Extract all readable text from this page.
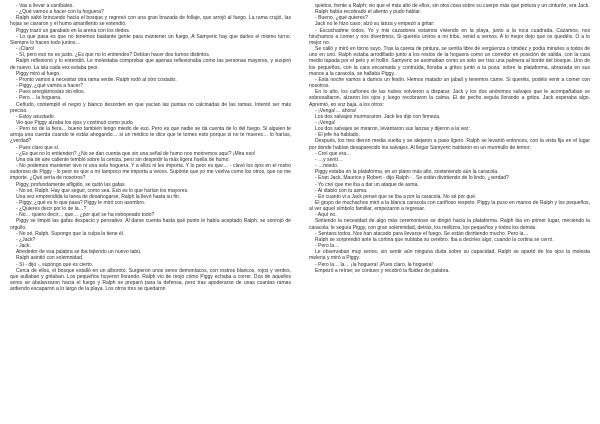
- Vas a llevar a caníbales.

- ¿Qué vamos a hacer con la hoguera?

Ralph saltó brincando hacia el bosque y regresó con una gran brazada de follaje, que arrojó al fuego. La rama crujió, las hojas se ciararon y el humo amarillento se extendió.

Piggy trazó un garabato en la arena con los dedos.

- Lo que pasa es que no tenemos bastante gente para mantener un fuego. A Samyeric hay que darles el mismo turno. Siempre lo hacen todo juntos…

- ¡Claro!

- Sí, pero eso no es justo. ¿Es que no lo entiendes? Debían hacer dos turnos distintos.

Ralph reflexionó y lo entendió. Le molestaba comprobar que apenas reflexionaba como las personas mayores, y suspiró de nuevo. La isla cada vez estaba peor.

Piggy miró al fuego.

- Pronto vamos a necesitar otra rama verde. Ralph rodó al otro costado.

- Piggy, ¿qué vamos a hacer?

- Pues arreglárnoslas sin ellos.

- Pero… la hoguera.

Ceñudo, contempló el negro y blanco desorden en que yacían las puntas no calcinadas de las ramas. Intentó ser más preciso.

- Estoy asustado.

Vio que Piggy alzaba los ojos y continuó como pudo.

- Pero no de la fiera… bueno también tengo miedo de eso. Pero es que nadie se da cuenta de lo del fuego. Si alguien te arroja una cuerda cuando te estás ahogando… si un médico te dice que te tomes esto porque si no te mueres… lo harías, ¿verdad?

- Pues claro que sí.

- ¿Es que no lo entienden? ¿No se dan cuenta que sin una señal de humo nos moriremos aquí? ¡Mira eso!

Una ola de aire caliente tembló sobre la ceniza, pero sin despedir la más ligera huella de humo.

- No podemos mantener vivo ni una sola hoguera. Y a ellos ni les importa. Y lo peor es que… - clavó los ojos en el rostro sudoroso de Piggy - lo peor es que a mí tampoco me importa a veces. Supónte que yo me vuelva como los otros, que no me importe. ¿Qué sería de nosotros?

Piggy, profundamente afligido, se quitó las gafas.

- No sé, Ralph. Hay que seguir, como sea. Eso es lo que harían los mayores.

Una vez emprendida la tarea de desahogarse, Ralph la llevó hasta su fin.

- Piggy, ¿qué es lo que pasa? Piggy le miró con asombro.

- ¿Quieres decir por lo de la…?

- No… quiero decir… que… ¿por qué se ha estropeado todo?

Piggy se limpió las gafas despacio y pensativo. Al darse cuenta hasta qué punto le había aceptado Ralph, se sonrojó de orgullo.

- No sé, Ralph. Supongo que la culpa la tiene él.

- ¿Jack?

- Jack.

Alrededor de esa palabra se iba tejiendo un nuevo tabú.

Ralph asintió con solemnidad.

- Sí - dijo -, supongo que es cierto.

Cerca de ellos, el bosque estalló en un alboroto. Surgieron unos seres demoníacos, con rostros blancos, rojos y verdes, que aullaban y gritaban. Los pequeños huyeron llorando. Ralph vio de reojo cómo Piggy echaba a correr. Dos de aquellos seres se abalanzaron hacia el fuego y Ralph se preparó para la defensa, pero tras apoderarse de unas cuantas ramas ardiendo escaparon a lo largo de la playa. Los otros tres se quedaron

quietos, frente a Ralph; vio que el más alto de ellos, sin otra cosa sobre su cuerpo más que pintura y un cinturón, era Jack.

Ralph había recobrado el aliento y pudo hablar.

- Bueno, ¿qué quieres?

Jack no le hizo caso; alzó su lanza y empezó a gritar:

- Escuchadme todos. Yo y mis cazadores estamos viviendo en la playa, junto a la roca cuadrada. Cazamos, nos hinchamos a comer y nos divertimos. Si queréis uniros a mi tribu, venid a vernos. A lo mejor dejo que os quedéis. O a lo mejor no.

Se calló y miró en torno suyo. Tras la careta de pintura, se sentía libre de vergüenza o timidez y podía mirarles a todos de uno en uno. Ralph estaba arrodillado junto a los restos de la hoguera como un corredor en posición de salida, con la cara medio tapada por el pelo y el hollín. Samyeric se asomaban como un solo ser tras una palmera al borde del bosque. Uno de los pequeños, con la cara encarnada y contraída, lloraba a gritos junto a la poza; sobre la plataforma, abrazada en sus manos a la caracola, se hallaba Piggy.

- Esta noche vamos a darnos un festín. Hemos matado un jabalí y tenemos carne. Si queréis, podéis venir a comer con nosotros.

En lo alto, los cañones de las nubes volvieron a disparar. Jack y los dos anónimos salvajes que le acompañaban se sobresaltaron, alzaron los ojos y luego recobraron la calma. El de pecho seguía llorando a gritos. Jack esperaba algo. Apremió, en voz baja, a los otros:

- ¡Venga!… ahora!

Los dos salvajes murmuraron. Jack les dijo con firmeza.

- ¡Venga!

Los dos salvajes se miraron, levantaron sus lanzas y dijeron a la vez:

- El jefe ha hablado.

Después, los tres dieron media vuelta y se alejaron a paso ligero. Ralph se levantó entonces, con la vista fija en el lugar por donde habían desaparecido los salvajes. Al llegar Samyeric hablaron en un murmullo de temor:

- Creí que era…

- …y sentí…

- …miedo.

Piggy estaba en la plataforma, en un plano más alto, sosteniendo aún la caracola.

- Eran Jack, Maurice y Robert - dijo Ralph - . Se están divirtiendo de lo lindo, ¿verdad?

- Yo creí que me iba a dar un ataque de asma.

- Al diablo con tu asma.

- En cuanto vi a Jack pensé que se iba a por la caracola. No sé por qué.

El grupo de muchachos miró a la blanca caracola con cariñoso respeto. Piggy la puso en manos de Ralph y los pequeños, al ver aquel símbolo familiar, empezaron a regresar.

- Aquí no.

Sintiendo la necesidad de algo más ceremonioso se dirigió hacia la plataforma. Ralph iba en primer lugar, meciendo la caracola; le seguía Piggy, con gran solemnidad, detrás, los mellizos, los pequeños y todos los demás.

- Sentaos todos. Nos han atacado para llevarse el fuego. Se están divirtiendo mucho. Pero la…

Ralph se sorprendió ante la cortina que nublaba su cerebro. Iba a decirles algo, cuando la cortina se cerró.

- Pero la…

Le observaban muy serios, sin sentir aún ninguna duda sobre su capacidad. Ralph se apartó de los ojos la molesta melena y miró a Piggy.

- Pero la… la… ¡la hoguera! ¡Pues claro, la hoguera!

Empezó a reírse; se contuvo y recobró la fluidez de palabra.
